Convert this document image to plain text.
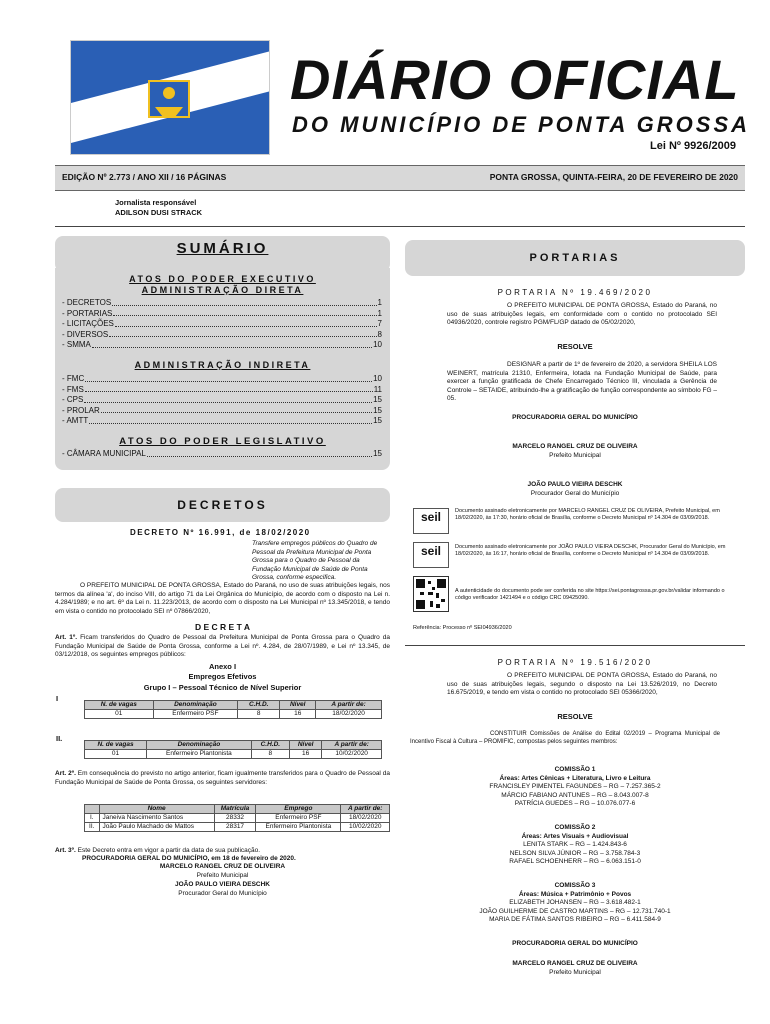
DIÁRIO OFICIAL
DO MUNICÍPIO DE PONTA GROSSA
Lei Nº 9926/2009
EDIÇÃO Nº 2.773 / ANO XII / 16 PÁGINAS	PONTA GROSSA, QUINTA-FEIRA, 20 DE FEVEREIRO DE 2020
Jornalista responsável
ADILSON DUSI STRACK
SUMÁRIO
ATOS DO PODER EXECUTIVO
ADMINISTRAÇÃO DIRETA
- DECRETOS	1
- PORTARIAS	1
- LICITAÇÕES	7
- DIVERSOS	8
- SMMA	10
ADMINISTRAÇÃO INDIRETA
- FMC	10
- FMS	11
- CPS	15
- PROLAR	15
- AMTT	15
ATOS DO PODER LEGISLATIVO
- CÂMARA MUNICIPAL	15
DECRETOS
DECRETO Nº 16.991, de 18/02/2020
Transfere empregos públicos do Quadro de Pessoal da Prefeitura Municipal de Ponta Grossa para o Quadro de Pessoal da Fundação Municipal de Saúde de Ponta Grossa, conforme especifica.
O PREFEITO MUNICIPAL DE PONTA GROSSA, Estado do Paraná, no uso de suas atribuições legais, nos termos da alínea 'a', do inciso VIII, do artigo 71 da Lei Orgânica do Município, de acordo com o disposto na Lei n. 4.284/1989; e no art. 6º da Lei n. 11.223/2013, de acordo com o disposto na Lei Municipal nº 13.345/2018, e tendo em vista o contido no protocolado SEI nº 07866/2020,
D E C R E T A
Art. 1º. Ficam transferidos do Quadro de Pessoal da Prefeitura Municipal de Ponta Grossa para o Quadro da Fundação Municipal de Saúde de Ponta Grossa, conforme a Lei nº. 4.284, de 28/07/1989, e Lei nº 13.345, de 03/12/2018, os seguintes empregos públicos:
Anexo I
Empregos Efetivos
Grupo I – Pessoal Técnico de Nível Superior
I
N. de vagas	Denominação	C.H.D.	Nível	A partir de:
01	Enfermeiro PSF	8	16	18/02/2020
II.
N. de vagas	Denominação	C.H.D.	Nível	A partir de:
01	Enfermeiro Plantonista	8	16	10/02/2020
Art. 2º. Em consequência do previsto no artigo anterior, ficam igualmente transferidos para o Quadro de Pessoal da Fundação Municipal de Saúde de Ponta Grossa, os seguintes servidores:
	Nome	Matrícula	Emprego	A partir de:
I.	Janeiva Nascimento Santos	28332	Enfermeiro PSF	18/02/2020
II.	João Paulo Machado de Mattos	28317	Enfermeiro Plantonista	10/02/2020
Art. 3º. Este Decreto entra em vigor a partir da data de sua publicação.
PROCURADORIA GERAL DO MUNICÍPIO, em 18 de fevereiro de 2020.
MARCELO RANGEL CRUZ DE OLIVEIRA
Prefeito Municipal
JOÃO PAULO VIEIRA DESCHK
Procurador Geral do Município
PORTARIAS
PORTARIA Nº 19.469/2020
O PREFEITO MUNICIPAL DE PONTA GROSSA, Estado do Paraná, no uso de suas atribuições legais, em conformidade com o contido no protocolado SEI 04936/2020, controle registro PGM/FL/GP datado de 05/02/2020,
RESOLVE
DESIGNAR a partir de 1º de fevereiro de 2020, a servidora SHEILA LOS WEINERT, matrícula 21310, Enfermeira, lotada na Fundação Municipal de Saúde, para exercer a função gratificada de Chefe Encarregado Técnico III, vinculada a Gerência de Controle – SETAIDE, atribuindo-lhe a gratificação de função correspondente ao símbolo FG – 05.
PROCURADORIA GERAL DO MUNICÍPIO
MARCELO RANGEL CRUZ DE OLIVEIRA
Prefeito Municipal
JOÃO PAULO VIEIRA DESCHK
Procurador Geral do Município
seil	Documento assinado eletronicamente por MARCELO RANGEL CRUZ DE OLIVEIRA, Prefeito Municipal, em 18/02/2020, às 17:30, horário oficial de Brasília, conforme o Decreto Municipal nº 14.304 de 03/09/2018.
seil	Documento assinado eletronicamente por JOÃO PAULO VIEIRA DESCHK, Procurador Geral do Município, em 18/02/2020, às 16:17, horário oficial de Brasília, conforme o Decreto Municipal nº 14.304 de 03/09/2018.
A autenticidade do documento pode ser conferida no site https://sei.pontagrossa.pr.gov.br/validar informando o código verificador 1421494 e o código CRC 09425090.
Referência: Processo nº SEI04936/2020
PORTARIA Nº 19.516/2020
O PREFEITO MUNICIPAL DE PONTA GROSSA, Estado do Paraná, no uso de suas atribuições legais, segundo o disposto na Lei 13.526/2019, no Decreto 16.675/2019, e tendo em vista o contido no protocolado SEI 05366/2020,
RESOLVE
CONSTITUIR Comissões de Análise do Edital 02/2019 – Programa Municipal de Incentivo Fiscal à Cultura – PROMIFIC, compostas pelos seguintes membros:
COMISSÃO 1
Áreas: Artes Cênicas + Literatura, Livro e Leitura
FRANCISLEY PIMENTEL FAGUNDES – RG – 7.257.365-2
MÁRCIO FABIANO ANTUNES – RG – 8.043.007-8
PATRÍCIA GUEDES – RG – 10.076.077-6
COMISSÃO 2
Áreas: Artes Visuais + Audiovisual
LENITA STARK – RG – 1.424.843-6
NELSON SILVA JÚNIOR – RG – 3.758.784-3
RAFAEL SCHOENHERR – RG – 6.063.151-0
COMISSÃO 3
Áreas: Música + Patrimônio + Povos
ELIZABETH JOHANSEN – RG – 3.618.482-1
JOÃO GUILHERME DE CASTRO MARTINS – RG – 12.731.740-1
MARIA DE FÁTIMA SANTOS RIBEIRO – RG – 6.411.584-9
PROCURADORIA GERAL DO MUNICÍPIO
MARCELO RANGEL CRUZ DE OLIVEIRA
Prefeito Municipal
